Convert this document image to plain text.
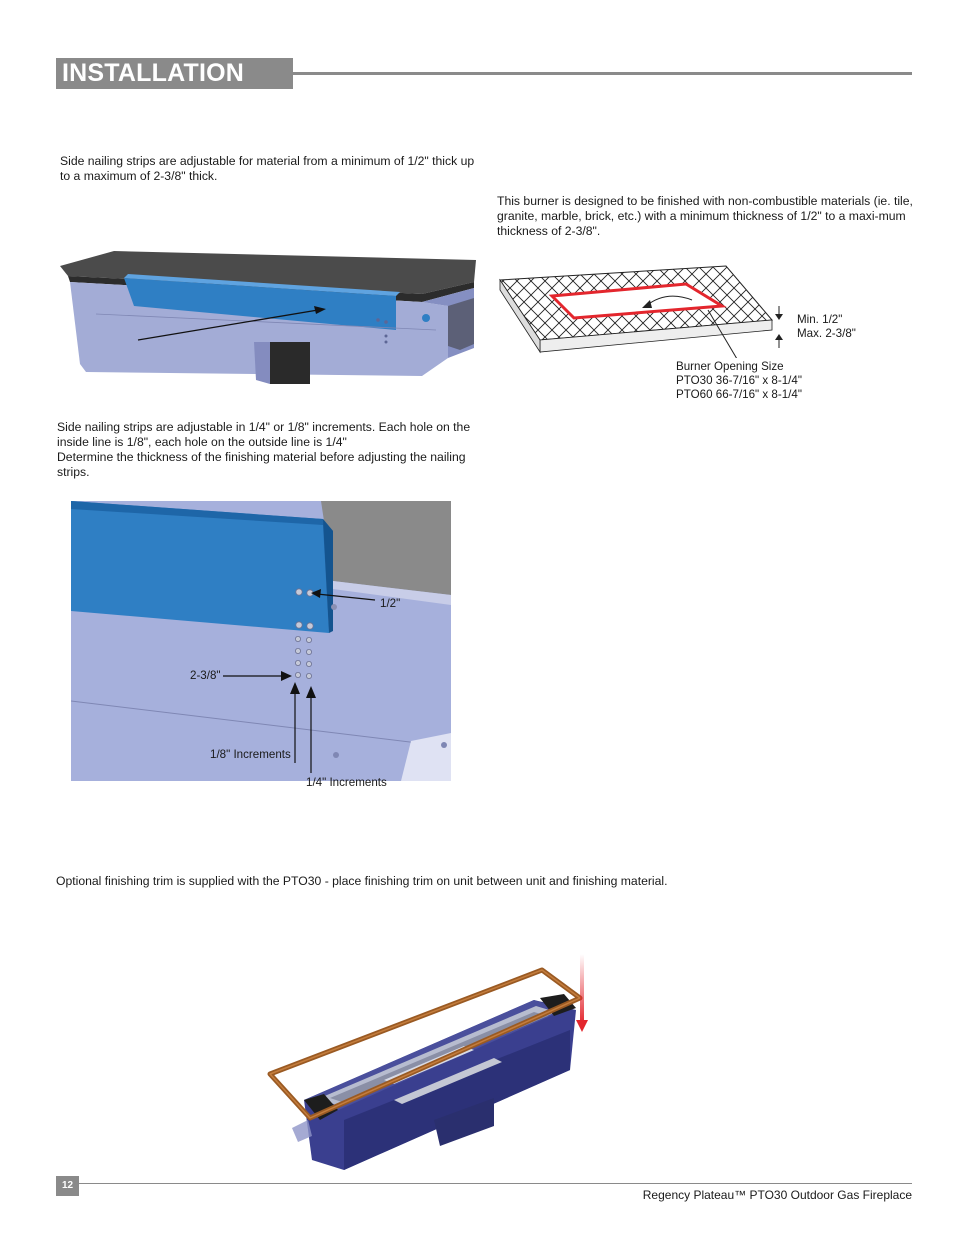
INSTALLATION

Side nailing strips are adjustable for material from a minimum of 1/2" thick up to a maximum of 2-3/8" thick.

This burner is designed to be finished with non-combustible materials (ie. tile, granite, marble, brick, etc.) with a minimum thickness of 1/2" to a maxi-mum thickness of 2-3/8".

Min. 1/2"
Max. 2-3/8"
Burner Opening Size
PTO30 36-7/16" x 8-1/4"
PTO60 66-7/16" x 8-1/4"

Side nailing strips are adjustable in 1/4" or 1/8" increments. Each hole on the inside line is 1/8", each hole on the outside line is 1/4"

Determine the thickness of the finishing material before adjusting the nailing strips.

1/2"
2-3/8"
1/8" Increments
1/4" Increments

Optional finishing trim is supplied with the PTO30 - place finishing trim on unit between unit and finishing material.

12
Regency Plateau™ PTO30 Outdoor Gas Fireplace
